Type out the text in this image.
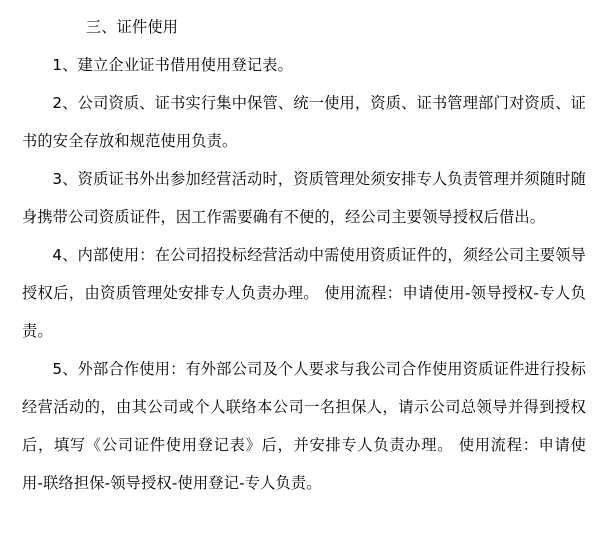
三、证件使用

1、建立企业证书借用使用登记表。

2、公司资质、证书实行集中保管、统一使用，资质、证书管理部门对资质、证书的安全存放和规范使用负责。

3、资质证书外出参加经营活动时，资质管理处须安排专人负责管理并须随时随身携带公司资质证件，因工作需要确有不便的，经公司主要领导授权后借出。

4、内部使用：在公司招投标经营活动中需使用资质证件的，须经公司主要领导授权后，由资质管理处安排专人负责办理。 使用流程：申请使用-领导授权-专人负责。

5、外部合作使用：有外部公司及个人要求与我公司合作使用资质证件进行投标经营活动的，由其公司或个人联络本公司一名担保人，请示公司总领导并得到授权后，填写《公司证件使用登记表》后，并安排专人负责办理。 使用流程：申请使用-联络担保-领导授权-使用登记-专人负责。
